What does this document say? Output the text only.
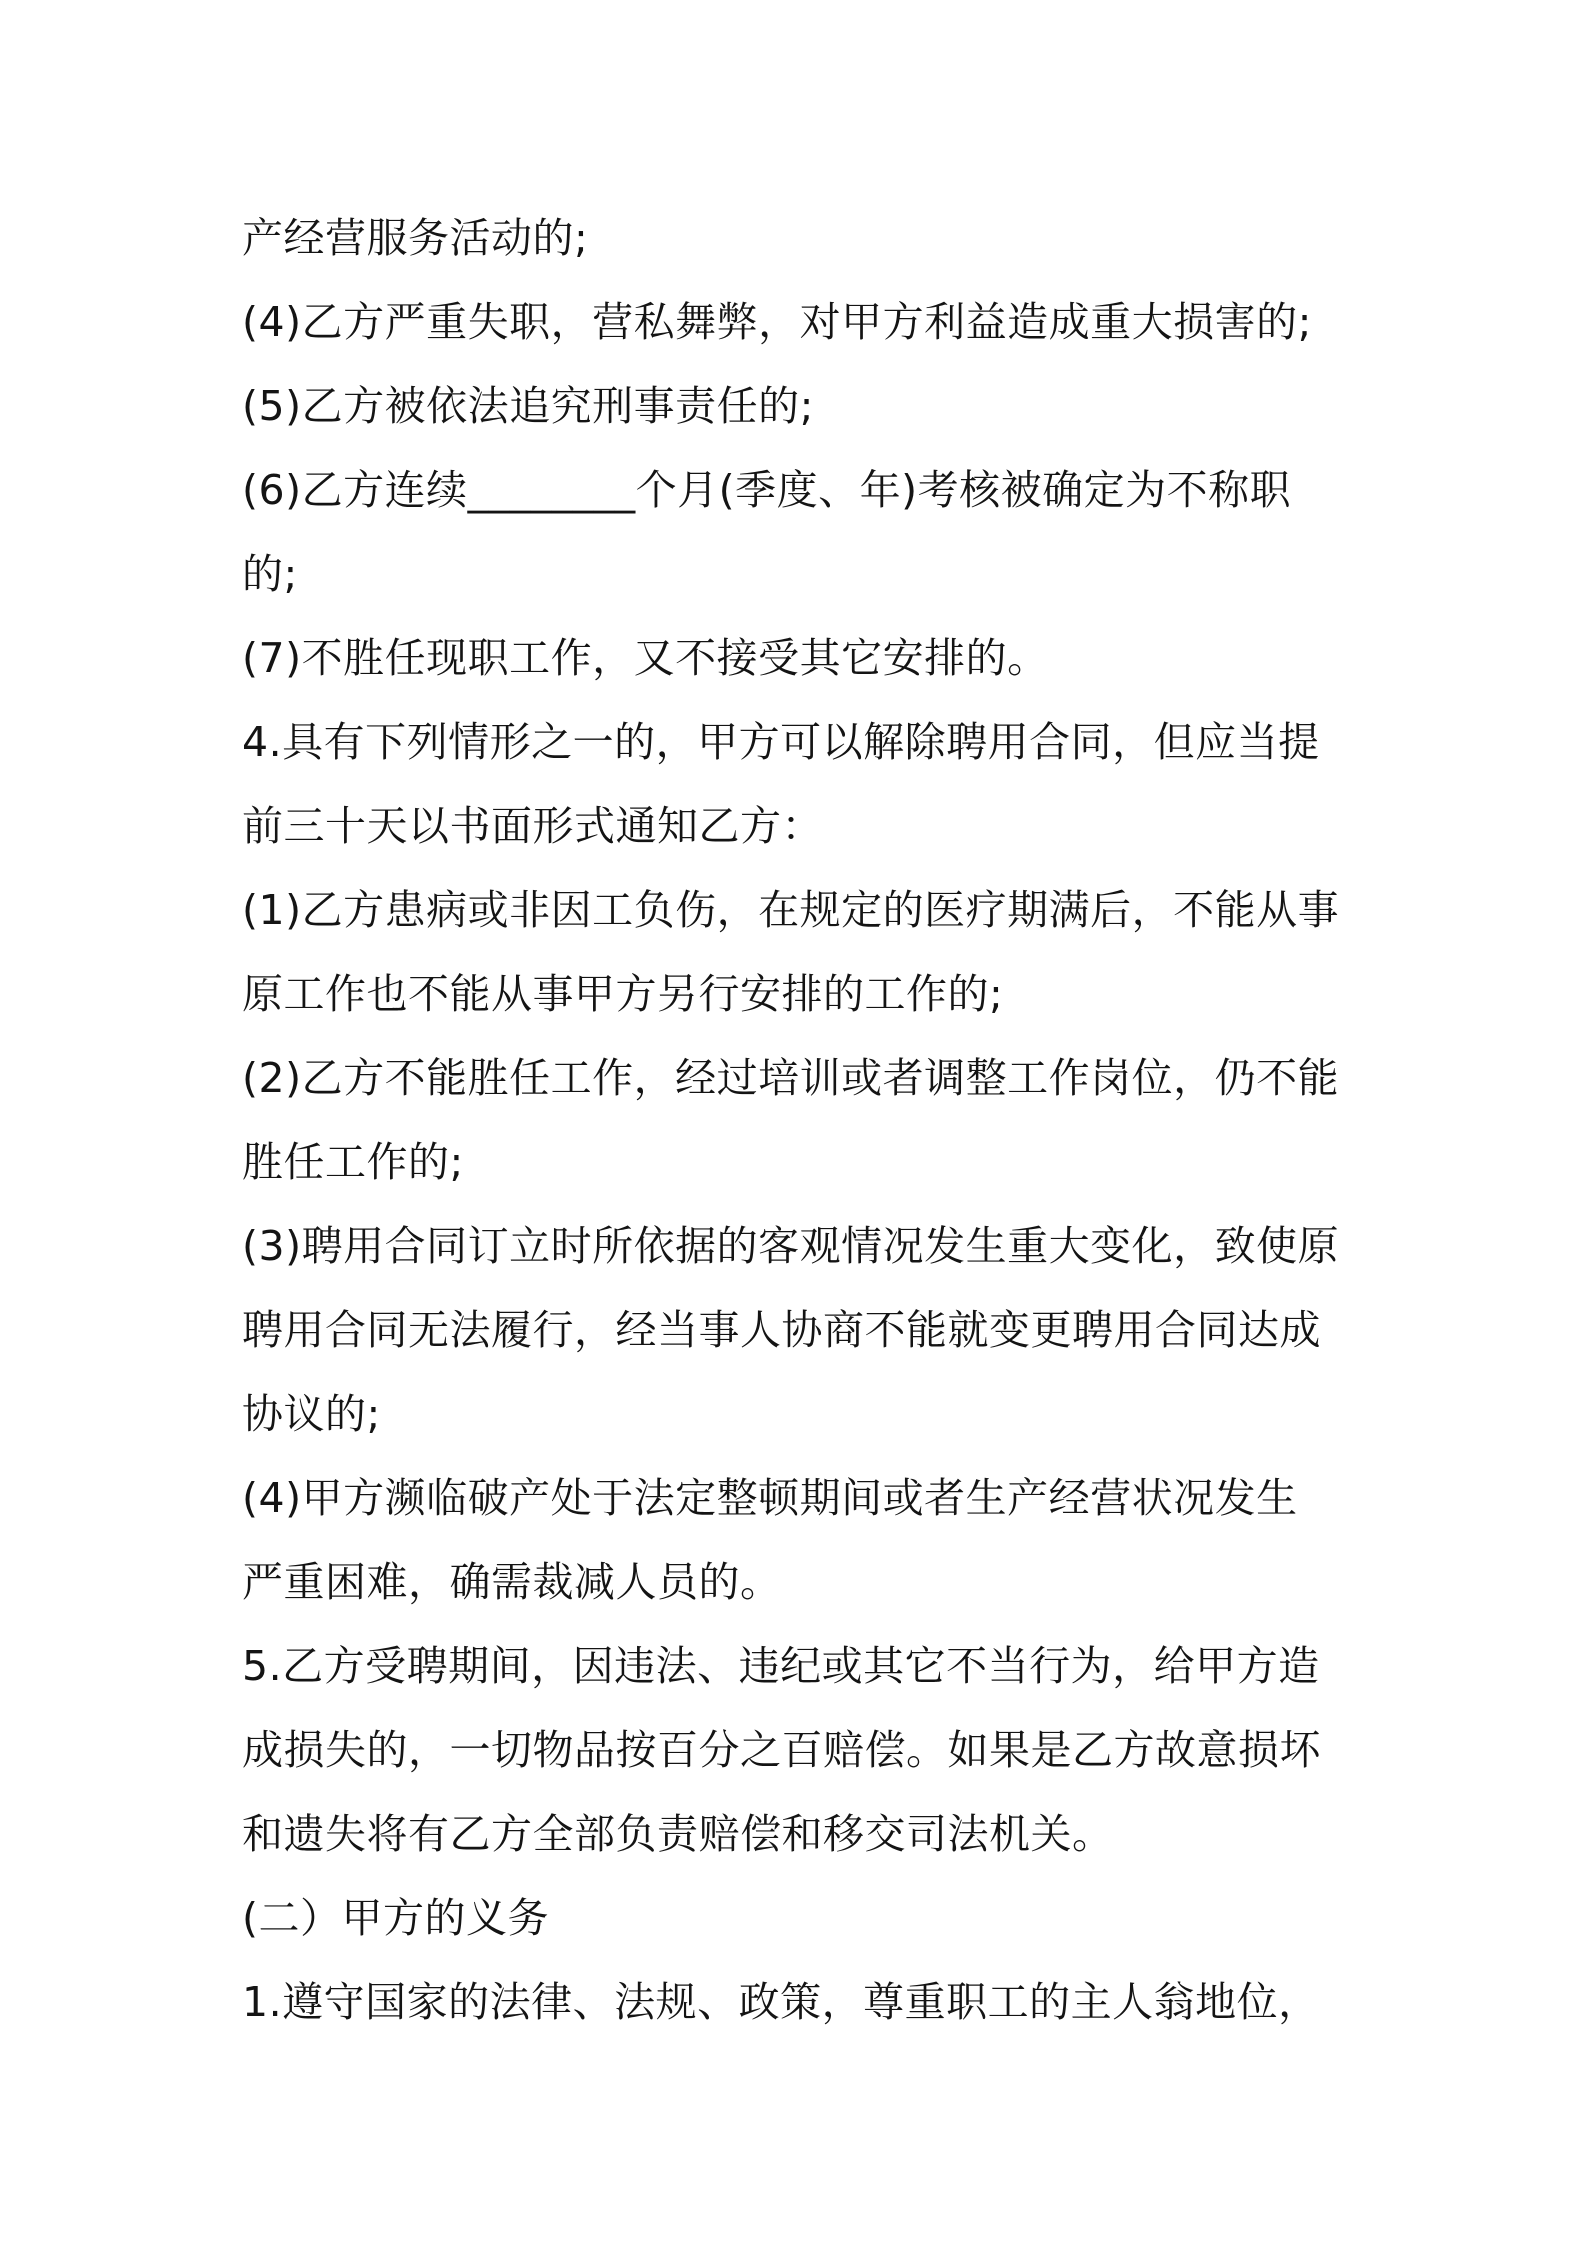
产经营服务活动的;
(4)乙方严重失职，营私舞弊，对甲方利益造成重大损害的;
(5)乙方被依法追究刑事责任的;
(6)乙方连续________个月(季度、年)考核被确定为不称职
的;
(7)不胜任现职工作，又不接受其它安排的。
4.具有下列情形之一的，甲方可以解除聘用合同，但应当提
前三十天以书面形式通知乙方：
(1)乙方患病或非因工负伤，在规定的医疗期满后，不能从事
原工作也不能从事甲方另行安排的工作的;
(2)乙方不能胜任工作，经过培训或者调整工作岗位，仍不能
胜任工作的;
(3)聘用合同订立时所依据的客观情况发生重大变化，致使原
聘用合同无法履行，经当事人协商不能就变更聘用合同达成
协议的;
(4)甲方濒临破产处于法定整顿期间或者生产经营状况发生
严重困难，确需裁减人员的。
5.乙方受聘期间，因违法、违纪或其它不当行为，给甲方造
成损失的，一切物品按百分之百赔偿。如果是乙方故意损坏
和遗失将有乙方全部负责赔偿和移交司法机关。
(二）甲方的义务
1.遵守国家的法律、法规、政策，尊重职工的主人翁地位，
